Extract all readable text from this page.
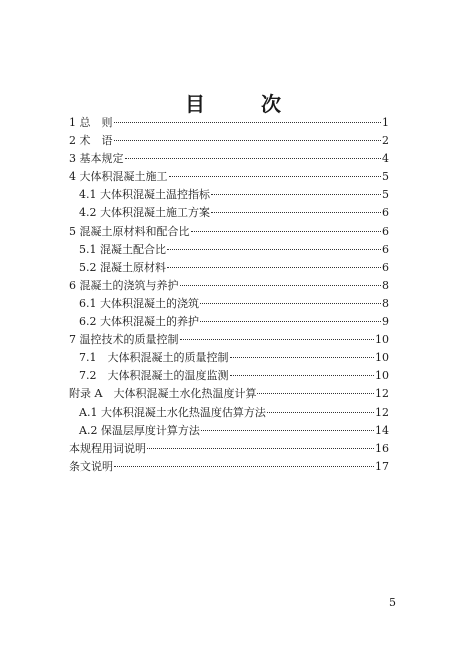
目　次
1 总　则	1
2 术　语	2
3 基本规定	4
4 大体积混凝土施工	5
4.1 大体积混凝土温控指标	5
4.2 大体积混凝土施工方案	6
5 混凝土原材料和配合比	6
5.1 混凝土配合比	6
5.2 混凝土原材料	6
6 混凝土的浇筑与养护	8
6.1 大体积混凝土的浇筑	8
6.2 大体积混凝土的养护	9
7 温控技术的质量控制	10
7.1　大体积混凝土的质量控制	10
7.2　大体积混凝土的温度监测	10
附录 A　大体积混凝土水化热温度计算	12
A.1 大体积混凝土水化热温度估算方法	12
A.2 保温层厚度计算方法	14
本规程用词说明	16
条文说明	17
5
